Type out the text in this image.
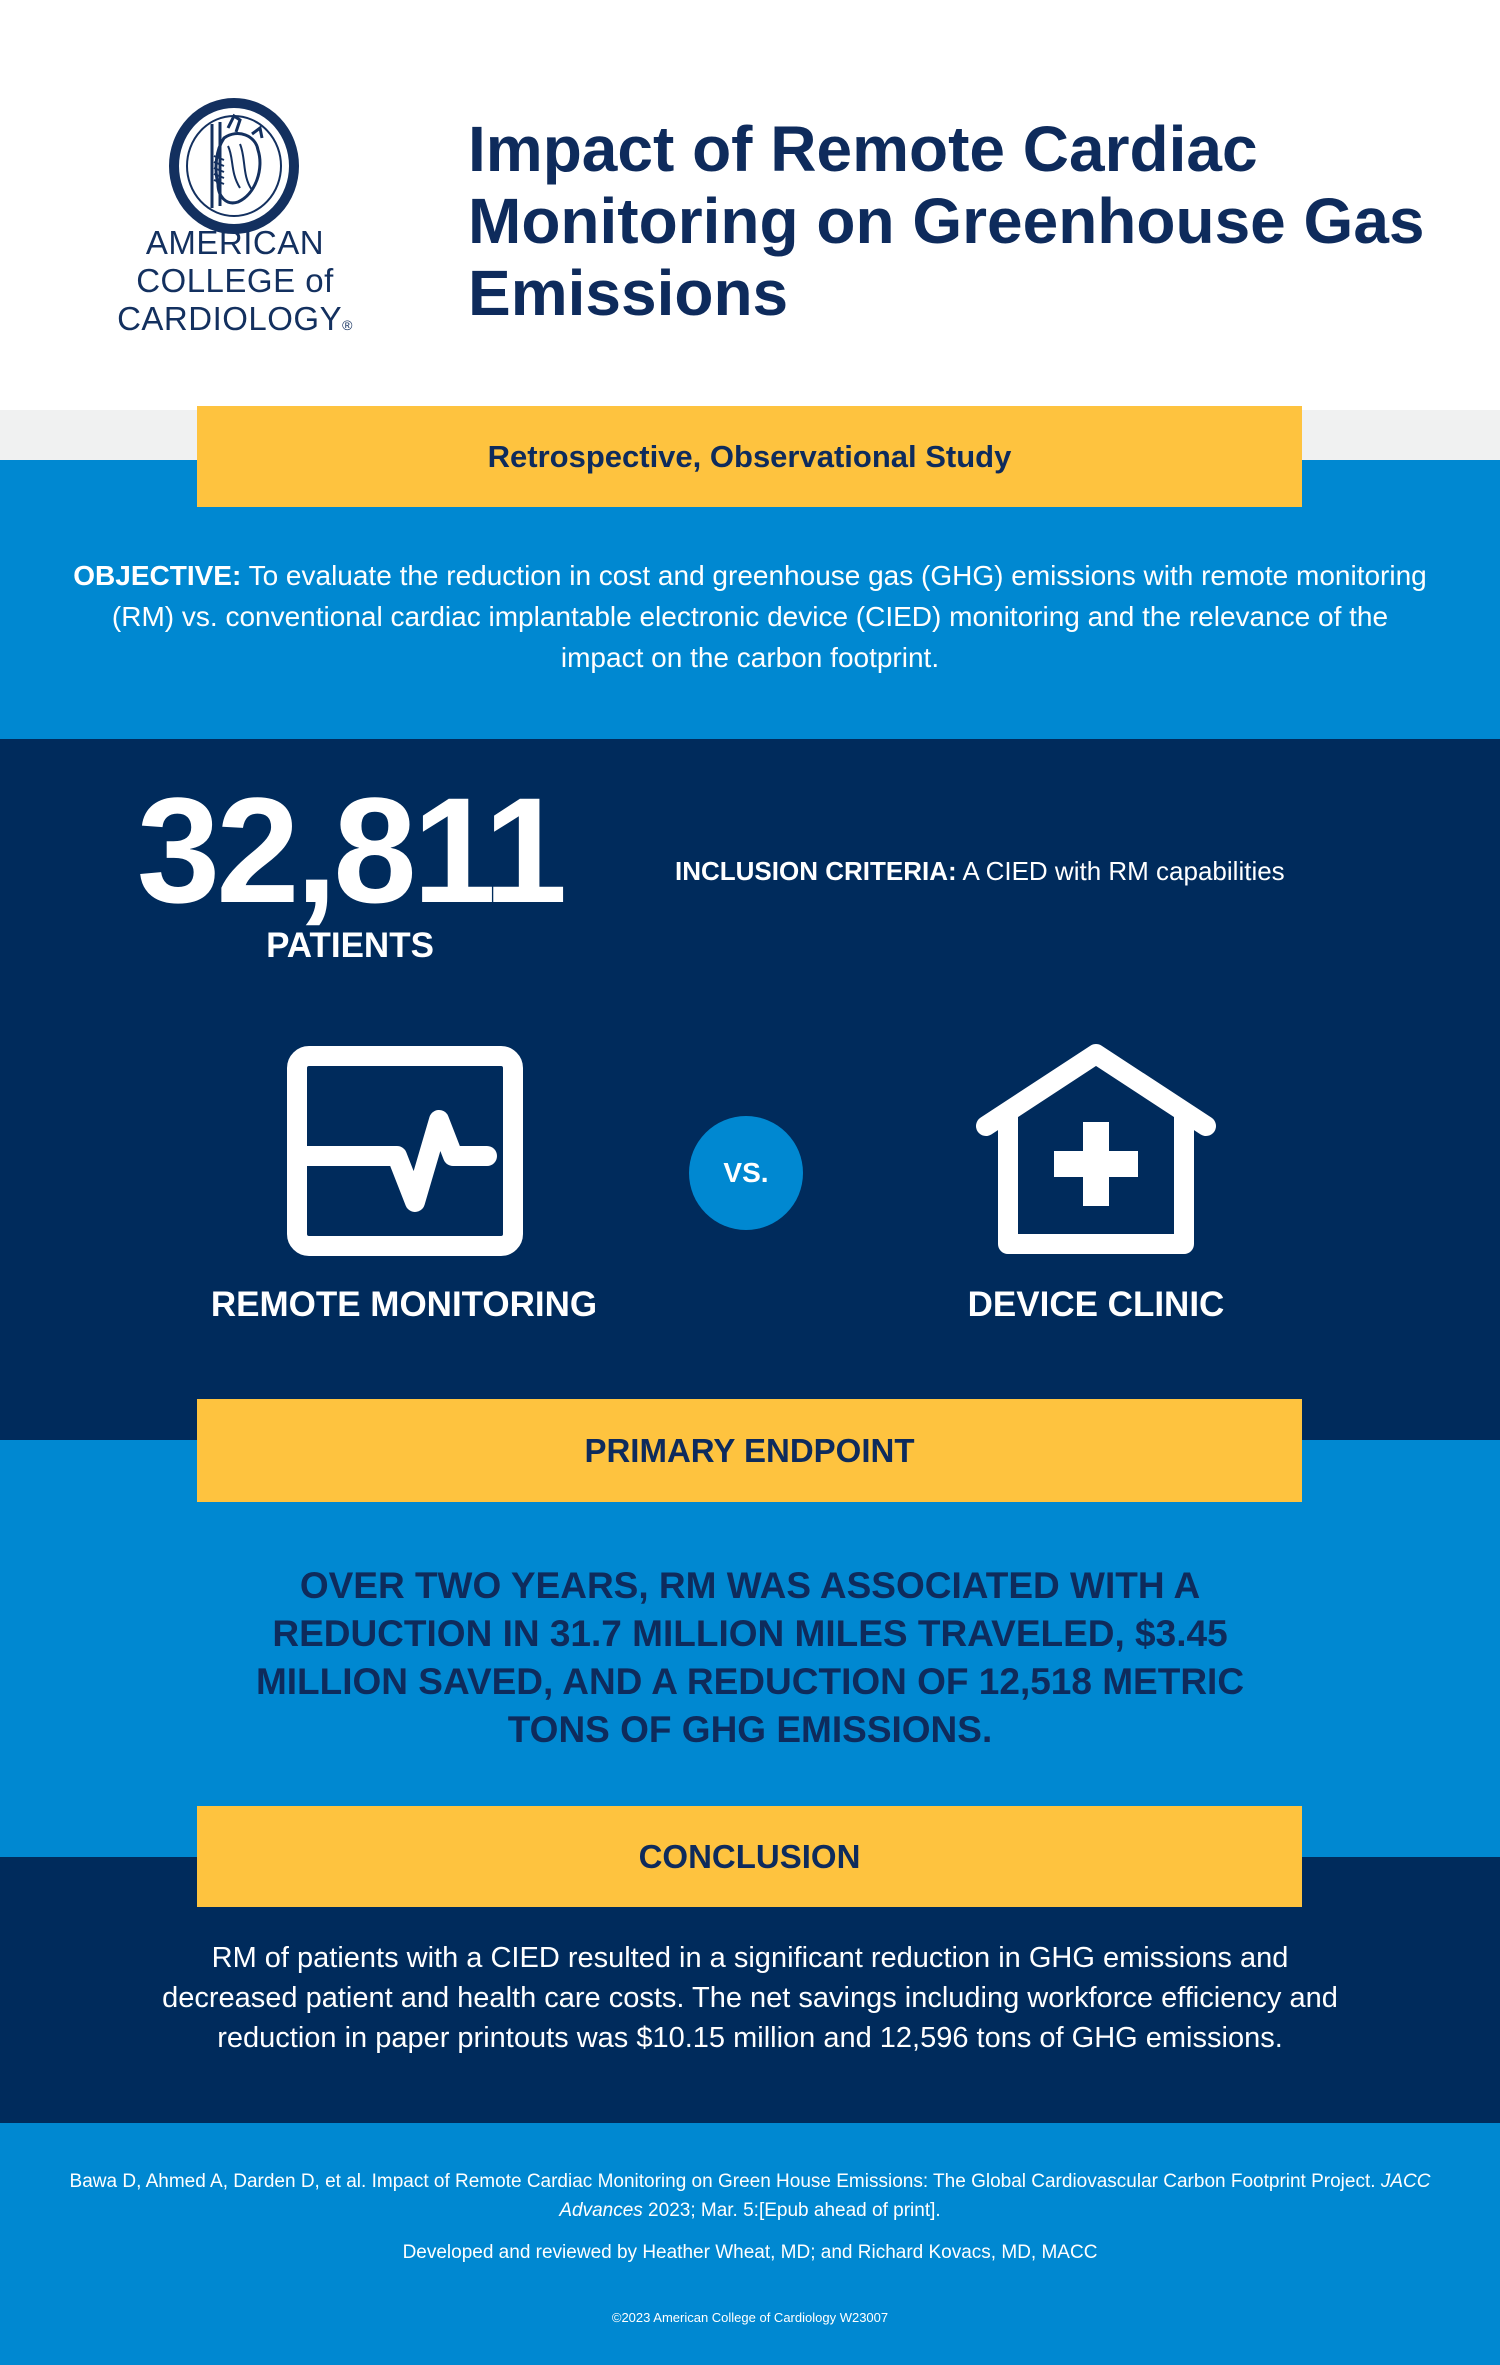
AMERICAN
COLLEGE of
CARDIOLOGY®
Impact of Remote Cardiac Monitoring on Greenhouse Gas Emissions
Retrospective, Observational Study
OBJECTIVE: To evaluate the reduction in cost and greenhouse gas (GHG) emissions with remote monitoring (RM) vs. conventional cardiac implantable electronic device (CIED) monitoring and the relevance of the impact on the carbon footprint.
32,811
PATIENTS
INCLUSION CRITERIA: A CIED with RM capabilities
VS.
REMOTE MONITORING	DEVICE CLINIC
PRIMARY ENDPOINT
OVER TWO YEARS, RM WAS ASSOCIATED WITH A REDUCTION IN 31.7 MILLION MILES TRAVELED, $3.45 MILLION SAVED, AND A REDUCTION OF 12,518 METRIC TONS OF GHG EMISSIONS.
CONCLUSION
RM of patients with a CIED resulted in a significant reduction in GHG emissions and decreased patient and health care costs. The net savings including workforce efficiency and reduction in paper printouts was $10.15 million and 12,596 tons of GHG emissions.
Bawa D, Ahmed A, Darden D, et al. Impact of Remote Cardiac Monitoring on Green House Emissions: The Global Cardiovascular Carbon Footprint Project. JACC Advances 2023; Mar. 5:[Epub ahead of print].
Developed and reviewed by Heather Wheat, MD; and Richard Kovacs, MD, MACC
©2023 American College of Cardiology W23007
